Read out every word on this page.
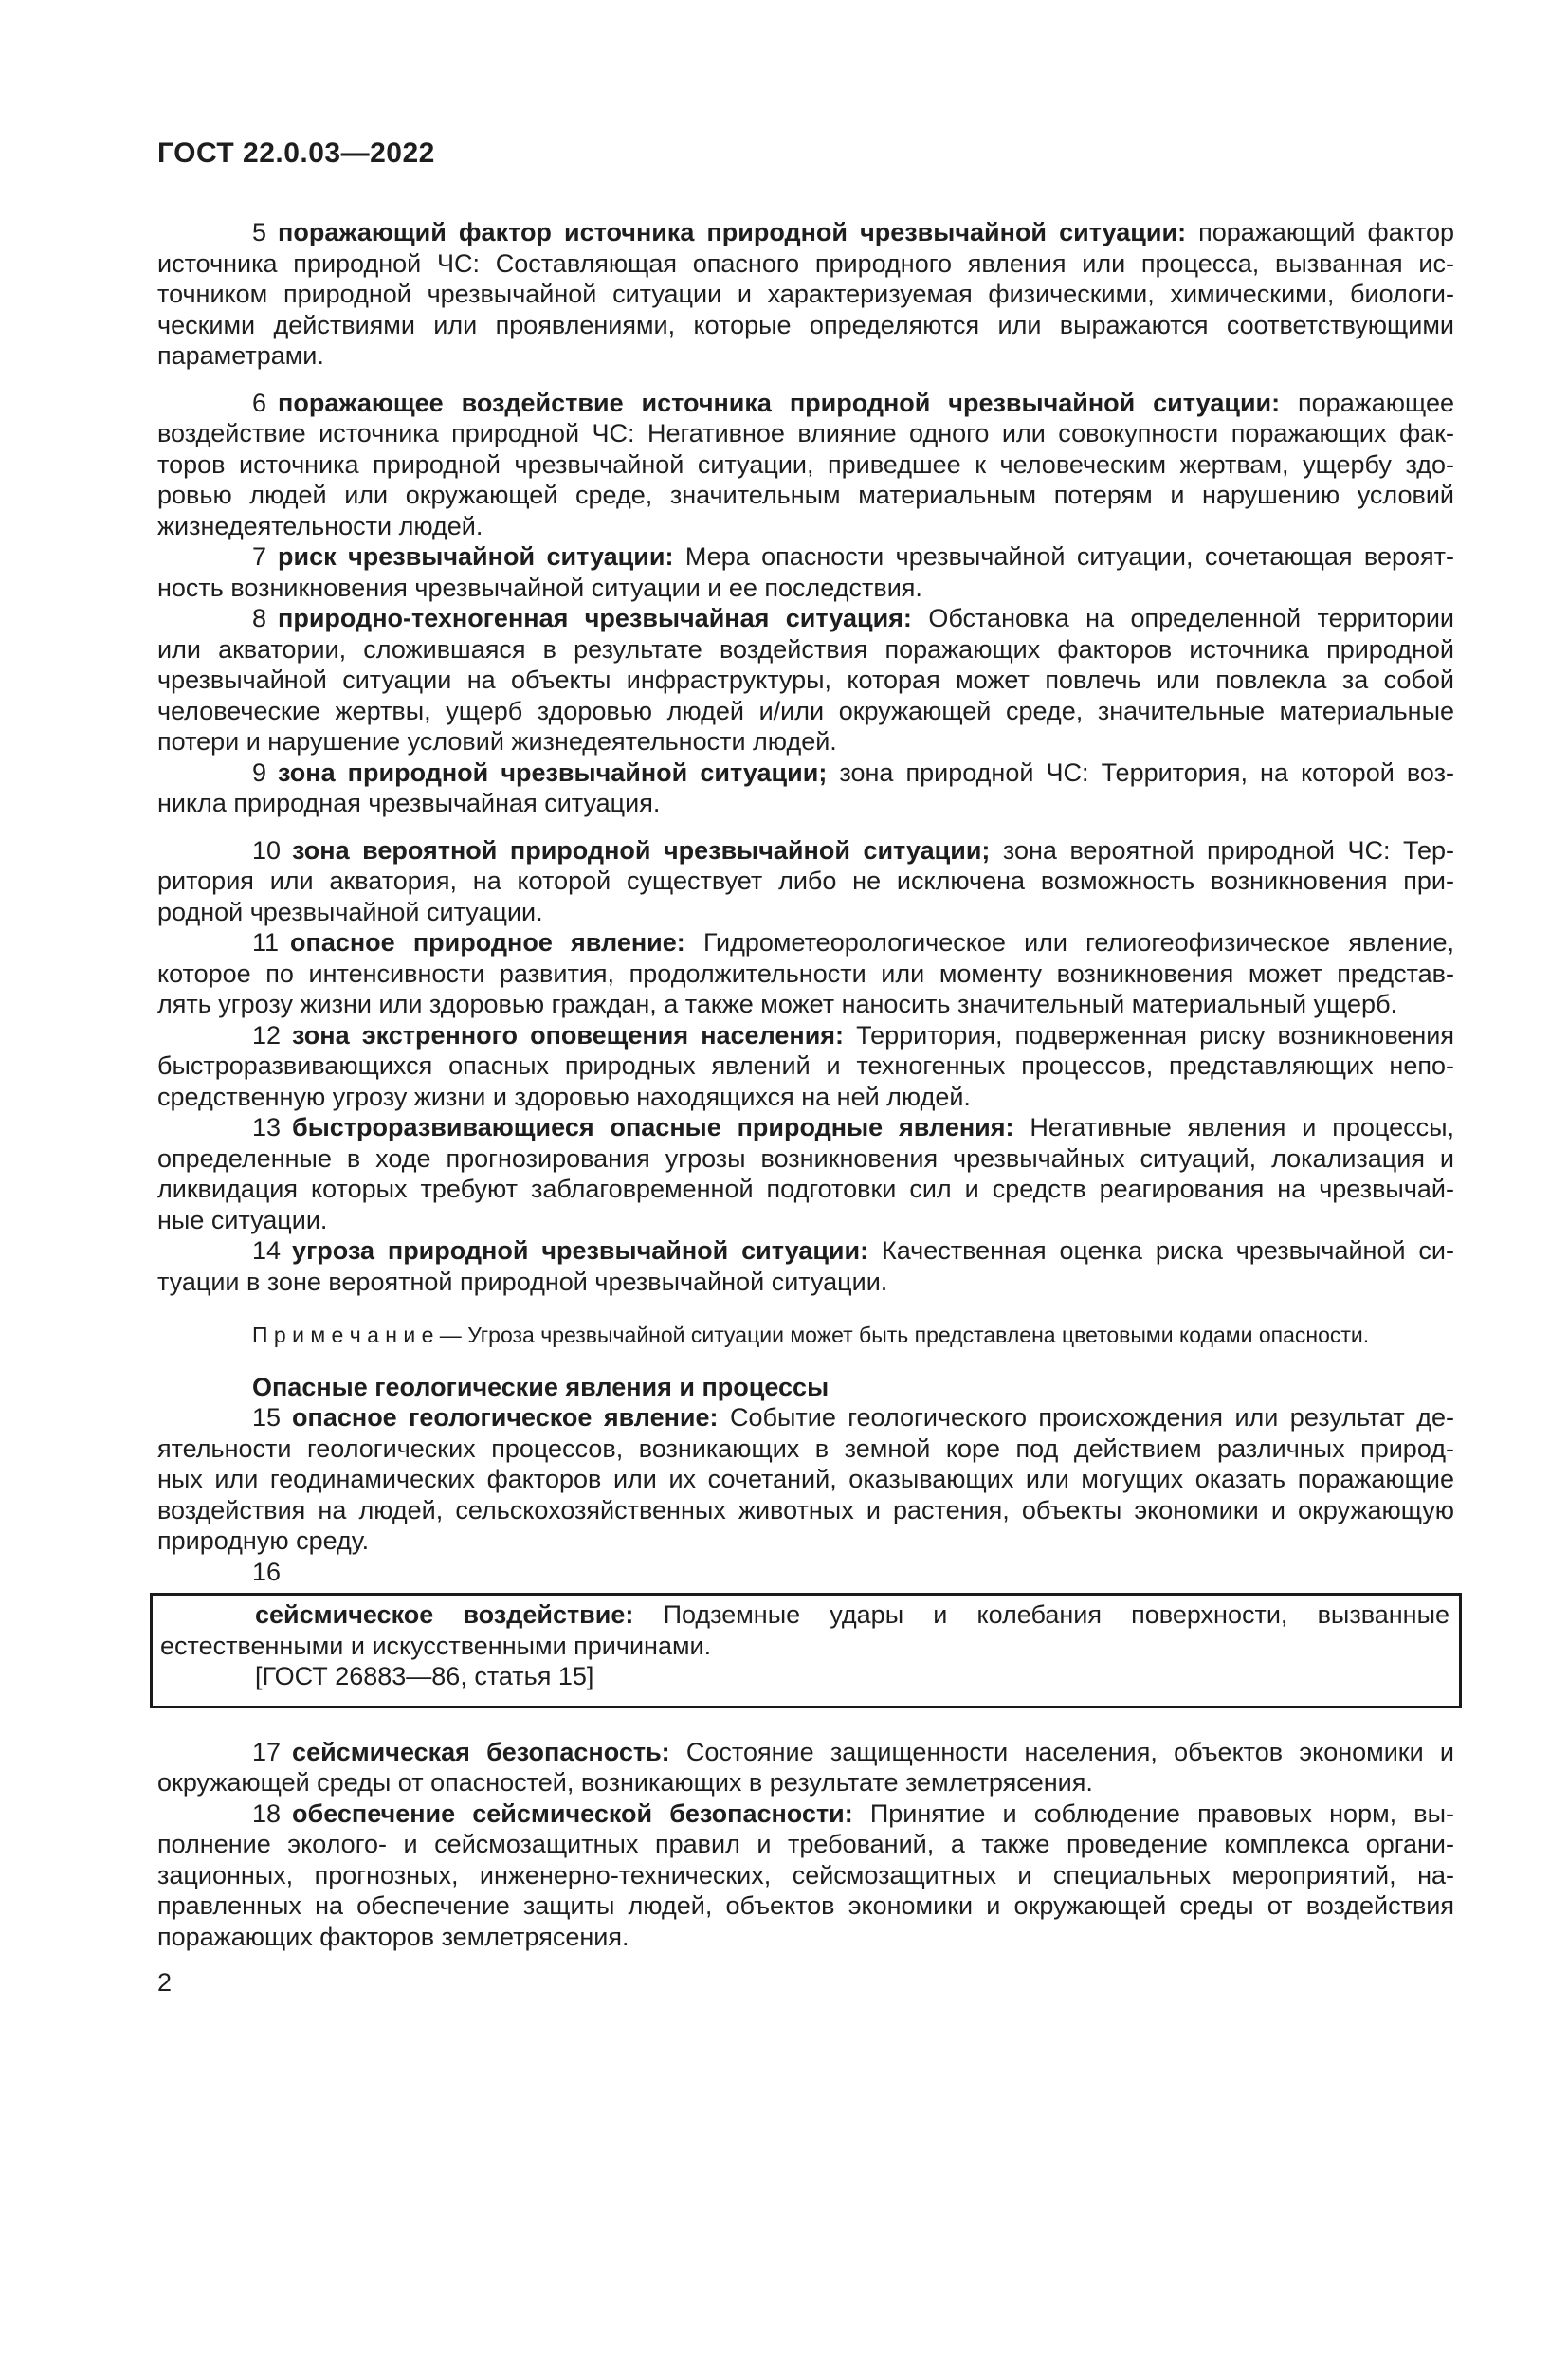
ГОСТ 22.0.03—2022
5 поражающий фактор источника природной чрезвычайной ситуации: поражающий фактор
источника природной ЧС: Составляющая опасного природного явления или процесса, вызванная ис-
точником природной чрезвычайной ситуации и характеризуемая физическими, химическими, биологи-
ческими действиями или проявлениями, которые определяются или выражаются соответствующими
параметрами.
6 поражающее воздействие источника природной чрезвычайной ситуации: поражающее
воздействие источника природной ЧС: Негативное влияние одного или совокупности поражающих фак-
торов источника природной чрезвычайной ситуации, приведшее к человеческим жертвам, ущербу здо-
ровью людей или окружающей среде, значительным материальным потерям и нарушению условий
жизнедеятельности людей.
7 риск чрезвычайной ситуации: Мера опасности чрезвычайной ситуации, сочетающая вероят-
ность возникновения чрезвычайной ситуации и ее последствия.
8 природно-техногенная чрезвычайная ситуация: Обстановка на определенной территории
или акватории, сложившаяся в результате воздействия поражающих факторов источника природной
чрезвычайной ситуации на объекты инфраструктуры, которая может повлечь или повлекла за собой
человеческие жертвы, ущерб здоровью людей и/или окружающей среде, значительные материальные
потери и нарушение условий жизнедеятельности людей.
9 зона природной чрезвычайной ситуации; зона природной ЧС: Территория, на которой воз-
никла природная чрезвычайная ситуация.
10 зона вероятной природной чрезвычайной ситуации; зона вероятной природной ЧС: Тер-
ритория или акватория, на которой существует либо не исключена возможность возникновения при-
родной чрезвычайной ситуации.
11 опасное природное явление: Гидрометеорологическое или гелиогеофизическое явление,
которое по интенсивности развития, продолжительности или моменту возникновения может представ-
лять угрозу жизни или здоровью граждан, а также может наносить значительный материальный ущерб.
12 зона экстренного оповещения населения: Территория, подверженная риску возникновения
быстроразвивающихся опасных природных явлений и техногенных процессов, представляющих непо-
средственную угрозу жизни и здоровью находящихся на ней людей.
13 быстроразвивающиеся опасные природные явления: Негативные явления и процессы,
определенные в ходе прогнозирования угрозы возникновения чрезвычайных ситуаций, локализация и
ликвидация которых требуют заблаговременной подготовки сил и средств реагирования на чрезвычай-
ные ситуации.
14 угроза природной чрезвычайной ситуации: Качественная оценка риска чрезвычайной си-
туации в зоне вероятной природной чрезвычайной ситуации.
П р и м е ч а н и е — Угроза чрезвычайной ситуации может быть представлена цветовыми кодами опасности.
Опасные геологические явления и процессы
15 опасное геологическое явление: Событие геологического происхождения или результат де-
ятельности геологических процессов, возникающих в земной коре под действием различных природ-
ных или геодинамических факторов или их сочетаний, оказывающих или могущих оказать поражающие
воздействия на людей, сельскохозяйственных животных и растения, объекты экономики и окружающую
природную среду.
16
сейсмическое воздействие: Подземные удары и колебания поверхности, вызванные
естественными и искусственными причинами.
[ГОСТ 26883—86, статья 15]
17 сейсмическая безопасность: Состояние защищенности населения, объектов экономики и
окружающей среды от опасностей, возникающих в результате землетрясения.
18 обеспечение сейсмической безопасности: Принятие и соблюдение правовых норм, вы-
полнение эколого- и сейсмозащитных правил и требований, а также проведение комплекса органи-
зационных, прогнозных, инженерно-технических, сейсмозащитных и специальных мероприятий, на-
правленных на обеспечение защиты людей, объектов экономики и окружающей среды от воздействия
поражающих факторов землетрясения.
2
